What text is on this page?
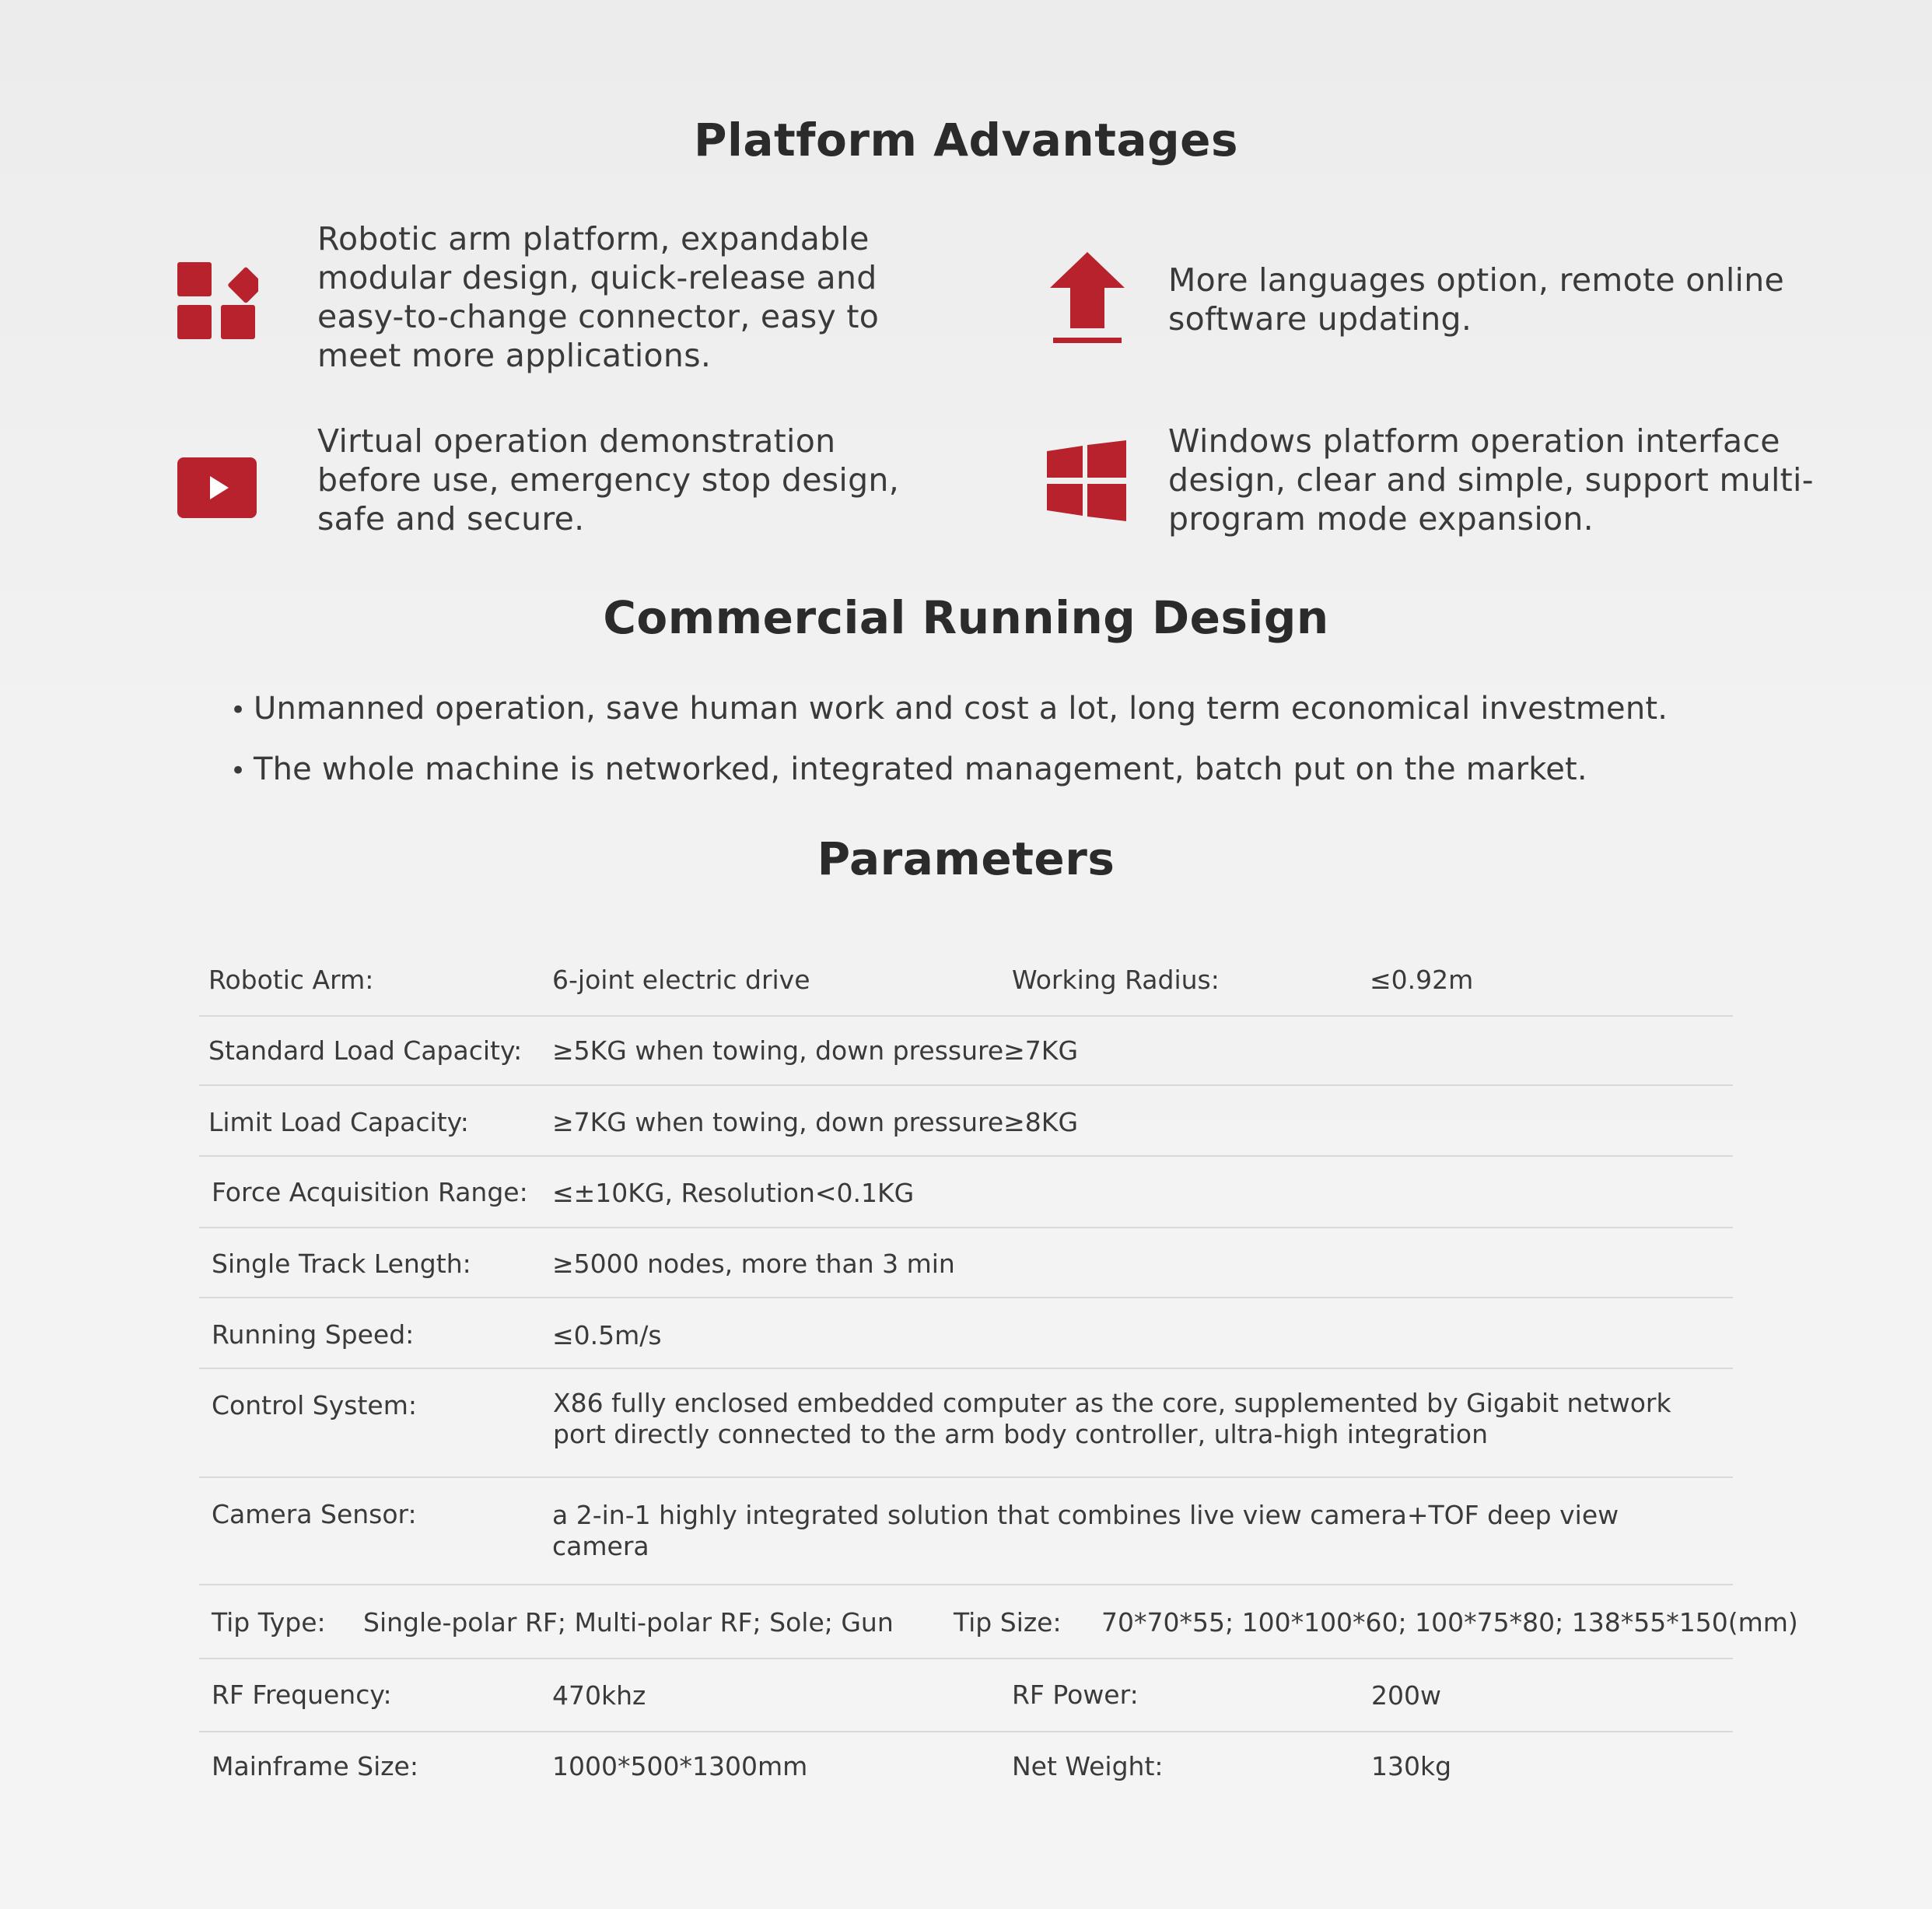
Platform Advantages
Robotic arm platform, expandable modular design, quick-release and easy-to-change connector, easy to meet more applications.
More languages option, remote online software updating.
Virtual operation demonstration before use, emergency stop design, safe and secure.
Windows platform operation interface design, clear and simple, support multi-program mode expansion.
Commercial Running Design
• Unmanned operation, save human work and cost a lot, long term economical investment.
• The whole machine is networked, integrated management, batch put on the market.
Parameters
Robotic Arm:	6-joint electric drive	Working Radius:	≤0.92m
Standard Load Capacity: ≥5KG when towing, down pressure≥7KG
Limit Load Capacity:	≥7KG when towing, down pressure≥8KG
Force Acquisition Range: ≤±10KG, Resolution<0.1KG
Single Track Length:	≥5000 nodes, more than 3 min
Running Speed:	≤0.5m/s
Control System:	X86 fully enclosed embedded computer as the core, supplemented by Gigabit network port directly connected to the arm body controller, ultra-high integration
Camera Sensor:	a 2-in-1 highly integrated solution that combines live view camera+TOF deep view camera
Tip Type: Single-polar RF; Multi-polar RF; Sole; Gun Tip Size: 70*70*55; 100*100*60; 100*75*80; 138*55*150(mm)
RF Frequency:	470khz	RF Power:	200w
Mainframe Size:	1000*500*1300mm	Net Weight:	130kg
